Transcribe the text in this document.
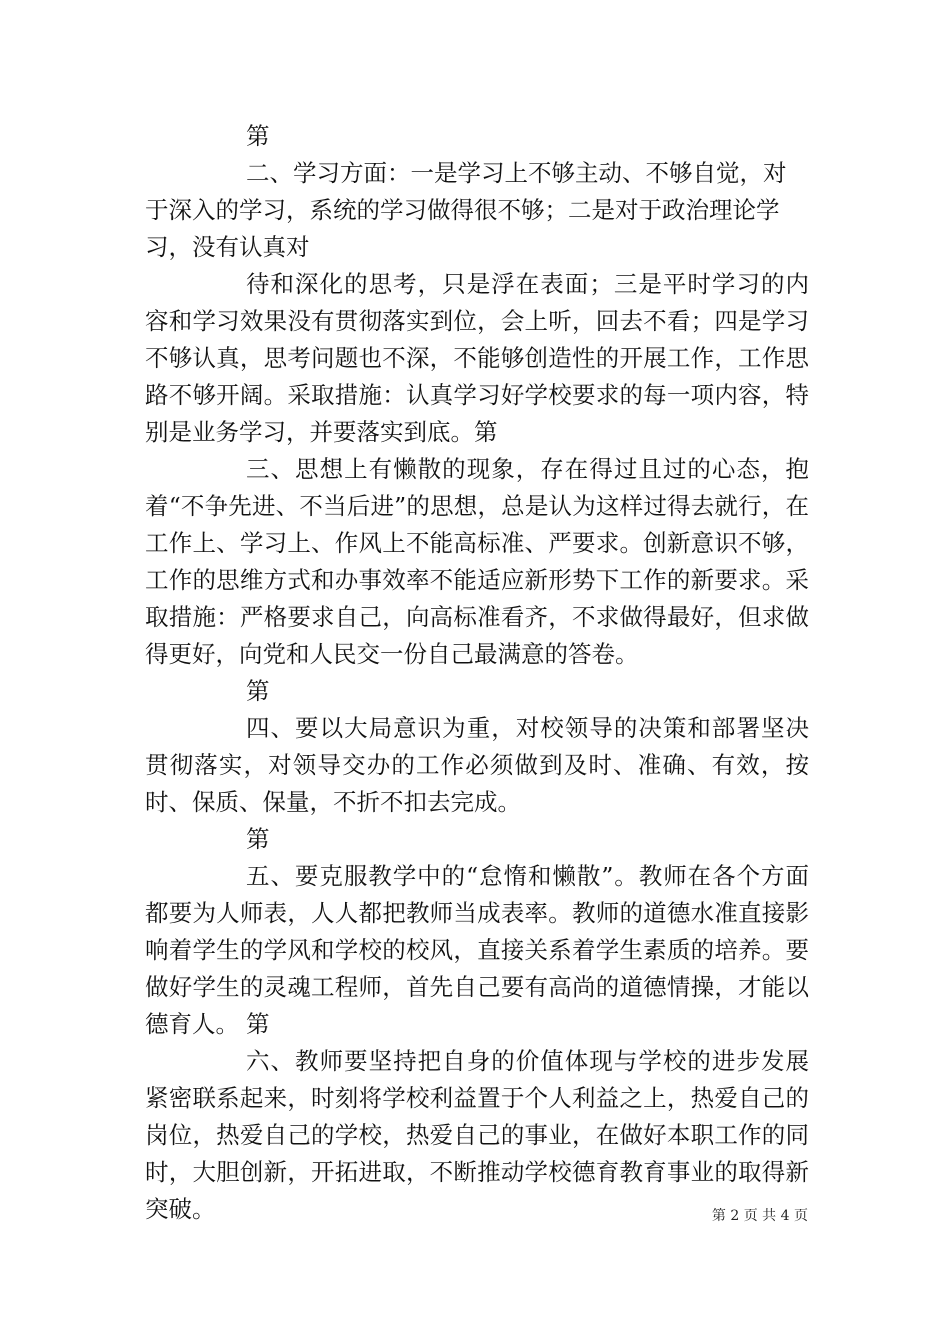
第

二、学习方面：一是学习上不够主动、不够自觉，对于深入的学习，系统的学习做得很不够；二是对于政治理论学习，没有认真对

待和深化的思考，只是浮在表面；三是平时学习的内容和学习效果没有贯彻落实到位，会上听，回去不看；四是学习不够认真，思考问题也不深，不能够创造性的开展工作，工作思路不够开阔。采取措施：认真学习好学校要求的每一项内容，特别是业务学习，并要落实到底。第

三、思想上有懒散的现象，存在得过且过的心态，抱着“不争先进、不当后进”的思想，总是认为这样过得去就行，在工作上、学习上、作风上不能高标准、严要求。创新意识不够，工作的思维方式和办事效率不能适应新形势下工作的新要求。采取措施：严格要求自己，向高标准看齐，不求做得最好，但求做得更好，向党和人民交一份自己最满意的答卷。

第

四、要以大局意识为重，对校领导的决策和部署坚决贯彻落实，对领导交办的工作必须做到及时、准确、有效，按时、保质、保量，不折不扣去完成。

第

五、要克服教学中的“怠惰和懒散”。教师在各个方面都要为人师表，人人都把教师当成表率。教师的道德水准直接影响着学生的学风和学校的校风，直接关系着学生素质的培养。要做好学生的灵魂工程师，首先自己要有高尚的道德情操，才能以德育人。 第

六、教师要坚持把自身的价值体现与学校的进步发展紧密联系起来，时刻将学校利益置于个人利益之上，热爱自己的岗位，热爱自己的学校，热爱自己的事业，在做好本职工作的同时，大胆创新，开拓进取，不断推动学校德育教育事业的取得新突破。	第 2 页 共 4 页
